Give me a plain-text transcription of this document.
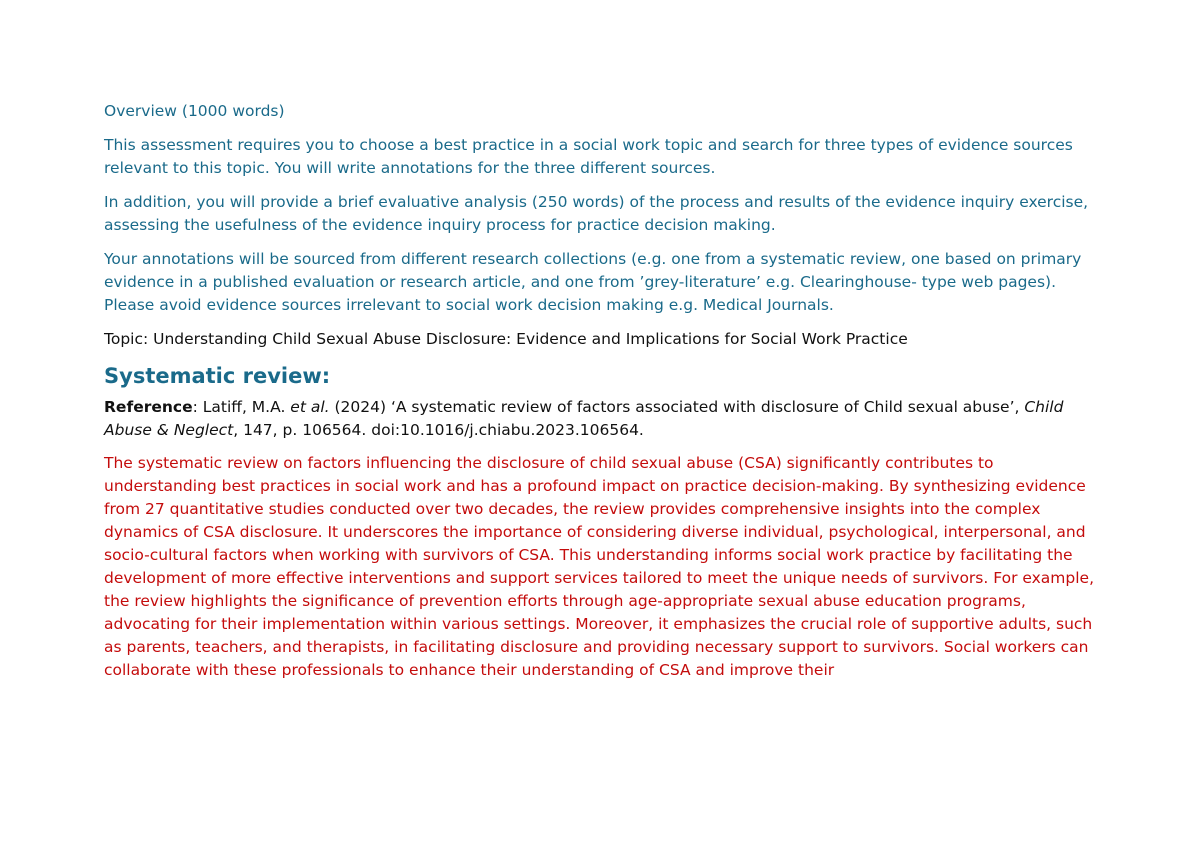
Overview (1000 words)

This assessment requires you to choose a best practice in a social work topic and search for three types of evidence sources relevant to this topic. You will write annotations for the three different sources.

In addition, you will provide a brief evaluative analysis (250 words) of the process and results of the evidence inquiry exercise, assessing the usefulness of the evidence inquiry process for practice decision making.

Your annotations will be sourced from different research collections (e.g. one from a systematic review, one based on primary evidence in a published evaluation or research article, and one from ’grey-literature’ e.g. Clearinghouse- type web pages). Please avoid evidence sources irrelevant to social work decision making e.g. Medical Journals.

Topic: Understanding Child Sexual Abuse Disclosure: Evidence and Implications for Social Work Practice

Systematic review:

Reference: Latiff, M.A. et al. (2024) ‘A systematic review of factors associated with disclosure of Child sexual abuse’, Child Abuse & Neglect, 147, p. 106564. doi:10.1016/j.chiabu.2023.106564.

The systematic review on factors influencing the disclosure of child sexual abuse (CSA) significantly contributes to understanding best practices in social work and has a profound impact on practice decision-making. By synthesizing evidence from 27 quantitative studies conducted over two decades, the review provides comprehensive insights into the complex dynamics of CSA disclosure. It underscores the importance of considering diverse individual, psychological, interpersonal, and socio-cultural factors when working with survivors of CSA. This understanding informs social work practice by facilitating the development of more effective interventions and support services tailored to meet the unique needs of survivors. For example, the review highlights the significance of prevention efforts through age-appropriate sexual abuse education programs, advocating for their implementation within various settings. Moreover, it emphasizes the crucial role of supportive adults, such as parents, teachers, and therapists, in facilitating disclosure and providing necessary support to survivors. Social workers can collaborate with these professionals to enhance their understanding of CSA and improve their
